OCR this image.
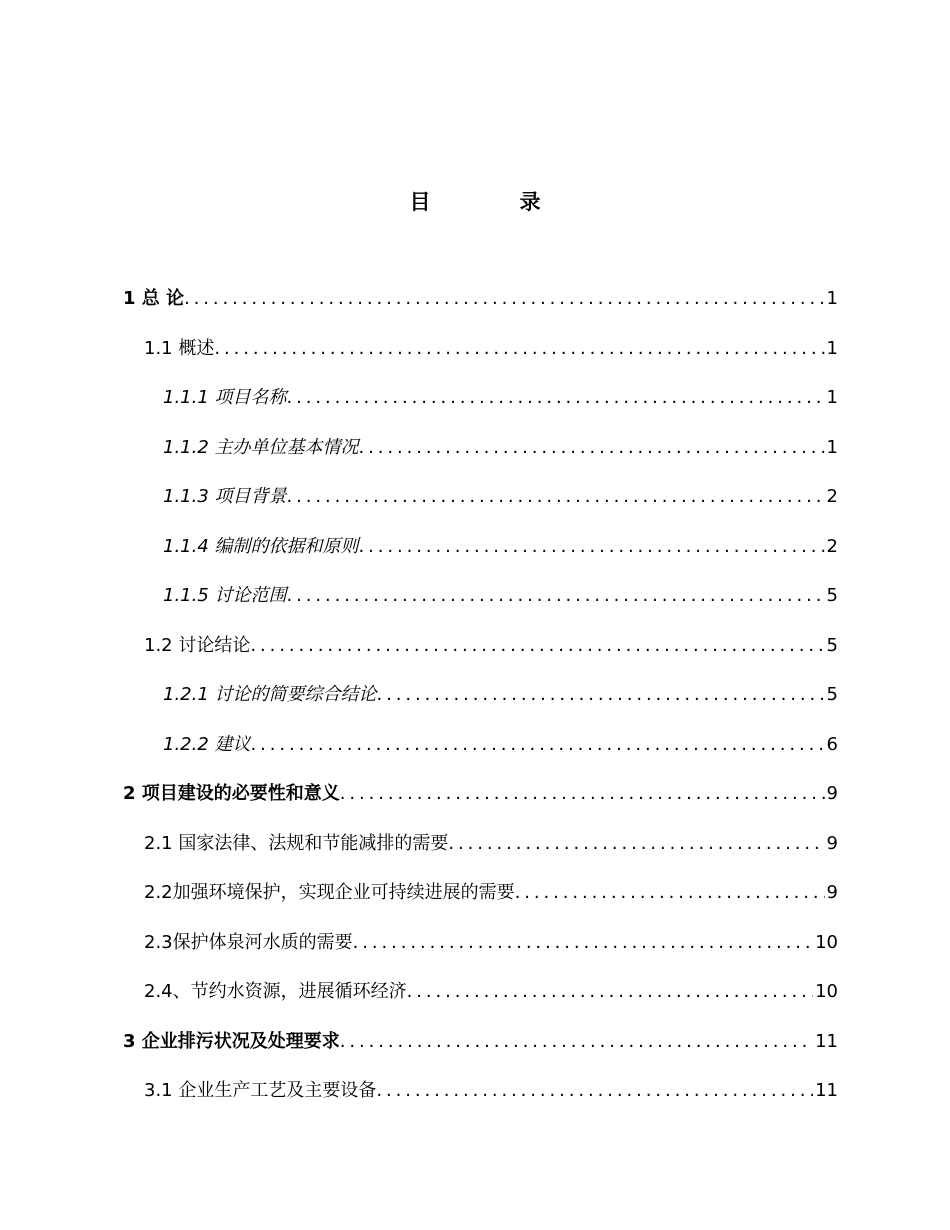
目　录
1 总 论 .....	1
1.1 概述 .....	1
1.1.1 项目名称 .....	1
1.1.2 主办单位基本情况 .....	1
1.1.3 项目背景 .....	2
1.1.4 编制的依据和原则 .....	2
1.1.5 讨论范围 .....	5
1.2 讨论结论 .....	5
1.2.1 讨论的简要综合结论 .....	5
1.2.2 建议 .....	6
2 项目建设的必要性和意义 .....	9
2.1 国家法律、法规和节能减排的需要 .....	9
2.2加强环境保护，实现企业可持续进展的需要 .....	9
2.3保护体泉河水质的需要 .....	10
2.4、节约水资源，进展循环经济 .....	10
3 企业排污状况及处理要求 .....	11
3.1 企业生产工艺及主要设备 .....	11
